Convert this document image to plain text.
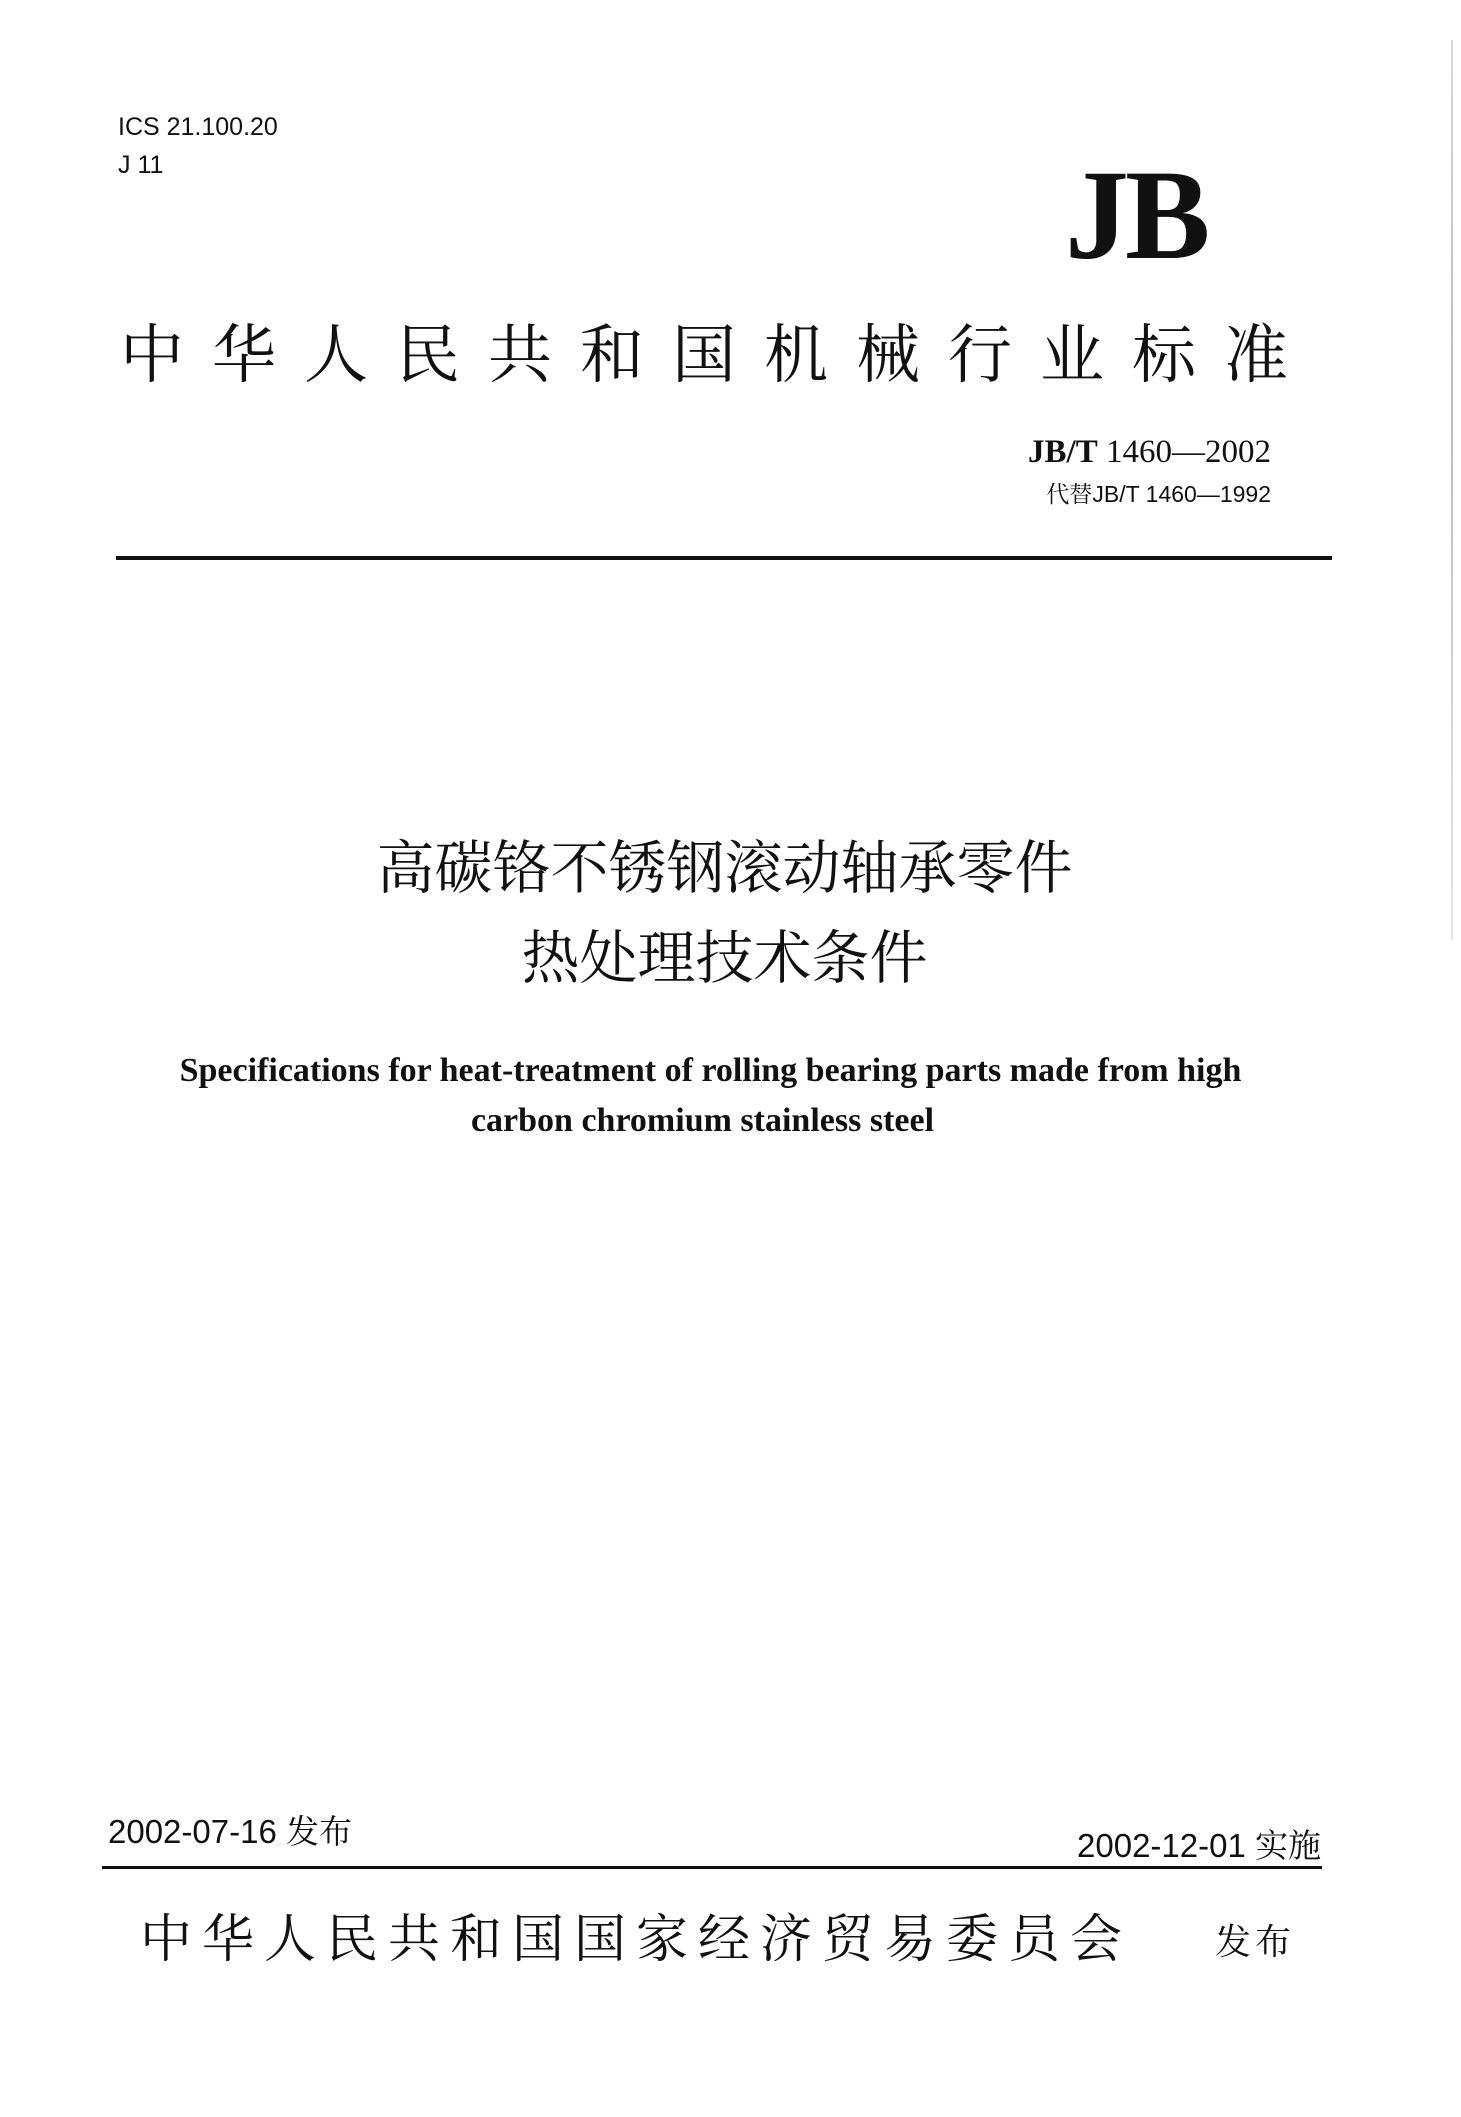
ICS 21.100.20
J 11	JB
中华人民共和国机械行业标准
JB/T 1460—2002
代替JB/T 1460—1992
高碳铬不锈钢滚动轴承零件
热处理技术条件
Specifications for heat-treatment of rolling bearing parts made from high
carbon chromium stainless steel
2002-07-16 发布	2002-12-01 实施
中华人民共和国国家经济贸易委员会 发布
